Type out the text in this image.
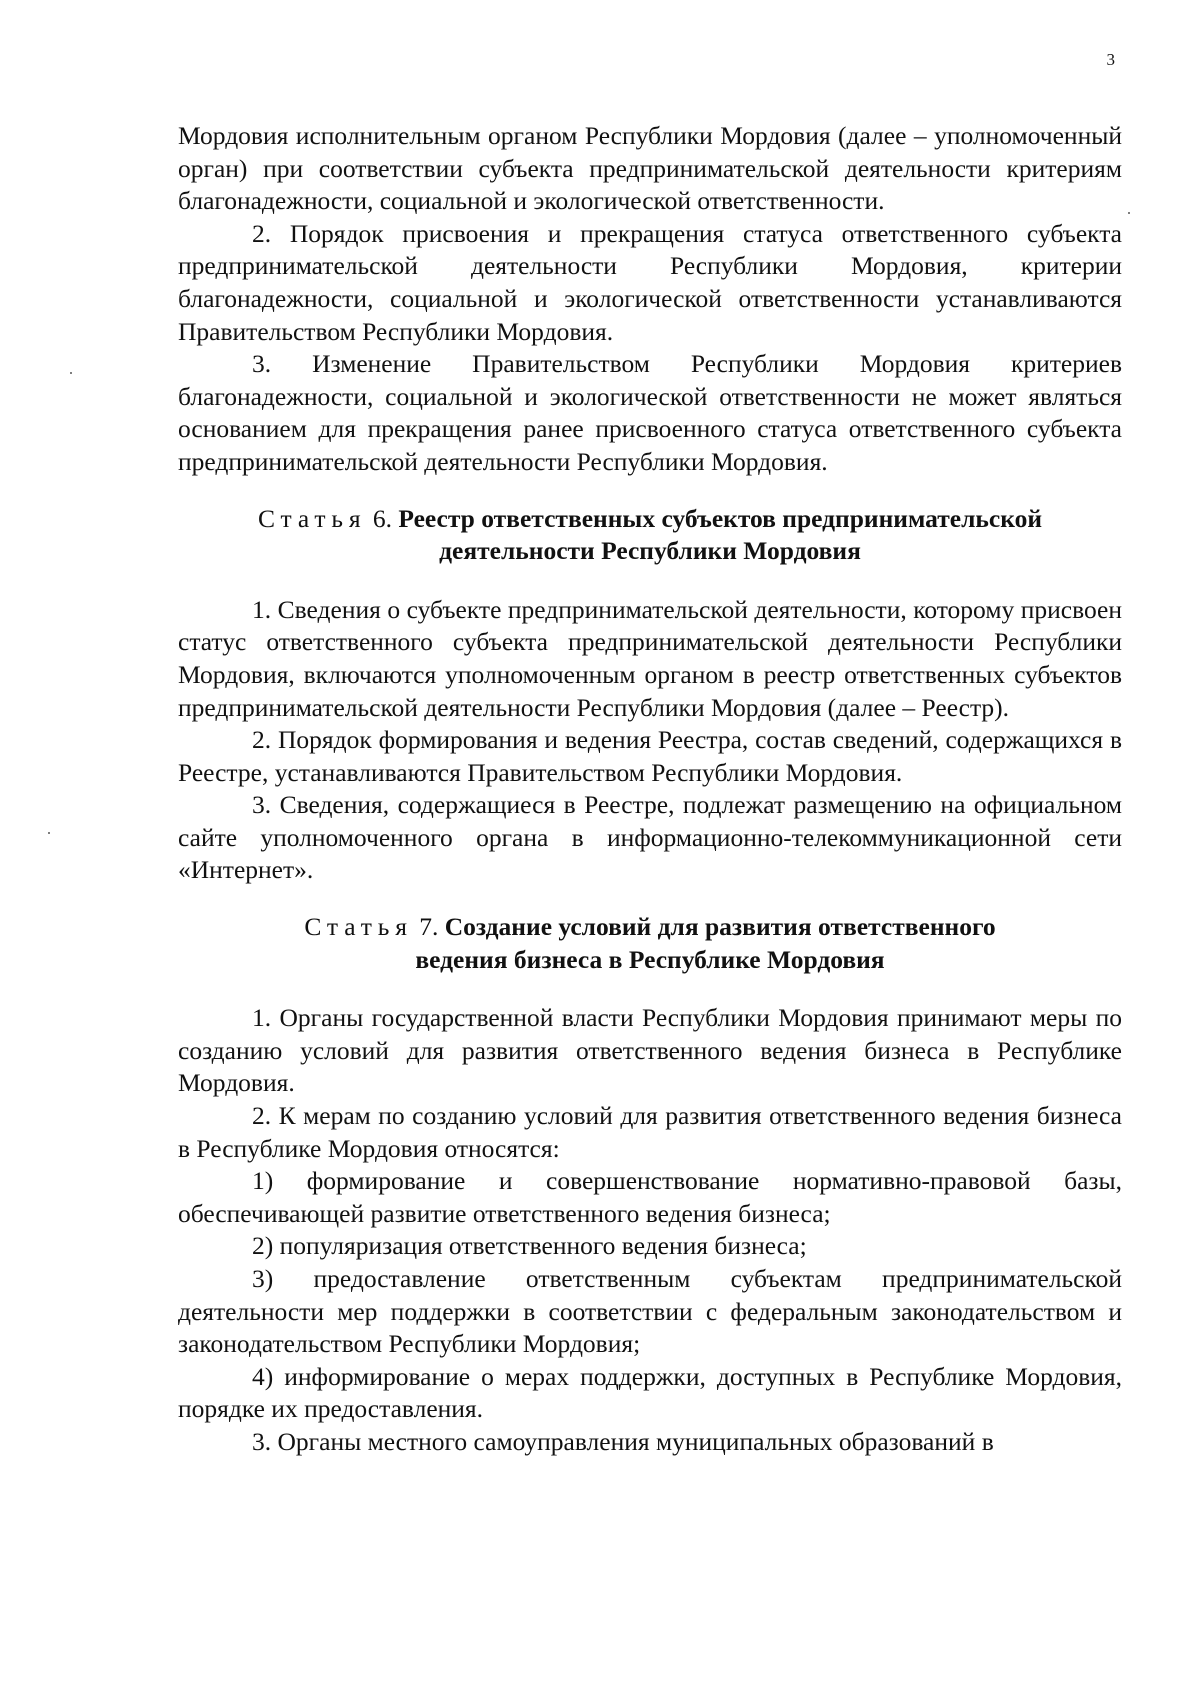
3

Мордовия исполнительным органом Республики Мордовия (далее – уполномоченный орган) при соответствии субъекта предпринимательской деятельности критериям благонадежности, социальной и экологической ответственности.

2. Порядок присвоения и прекращения статуса ответственного субъекта предпринимательской деятельности Республики Мордовия, критерии благонадежности, социальной и экологической ответственности устанавливаются Правительством Республики Мордовия.

3. Изменение Правительством Республики Мордовия критериев благонадежности, социальной и экологической ответственности не может являться основанием для прекращения ранее присвоенного статуса ответственного субъекта предпринимательской деятельности Республики Мордовия.

Статья 6. Реестр ответственных субъектов предпринимательской
деятельности Республики Мордовия

1. Сведения о субъекте предпринимательской деятельности, которому присвоен статус ответственного субъекта предпринимательской деятельности Республики Мордовия, включаются уполномоченным органом в реестр ответственных субъектов предпринимательской деятельности Республики Мордовия (далее – Реестр).

2. Порядок формирования и ведения Реестра, состав сведений, содержащихся в Реестре, устанавливаются Правительством Республики Мордовия.

3. Сведения, содержащиеся в Реестре, подлежат размещению на официальном сайте уполномоченного органа в информационно-телекоммуникационной сети «Интернет».

Статья 7. Создание условий для развития ответственного
ведения бизнеса в Республике Мордовия

1. Органы государственной власти Республики Мордовия принимают меры по созданию условий для развития ответственного ведения бизнеса в Республике Мордовия.

2. К мерам по созданию условий для развития ответственного ведения бизнеса в Республике Мордовия относятся:

1) формирование и совершенствование нормативно-правовой базы, обеспечивающей развитие ответственного ведения бизнеса;

2) популяризация ответственного ведения бизнеса;

3) предоставление ответственным субъектам предпринимательской деятельности мер поддержки в соответствии с федеральным законодательством и законодательством Республики Мордовия;

4) информирование о мерах поддержки, доступных в Республике Мордовия, порядке их предоставления.

3. Органы местного самоуправления муниципальных образований в
